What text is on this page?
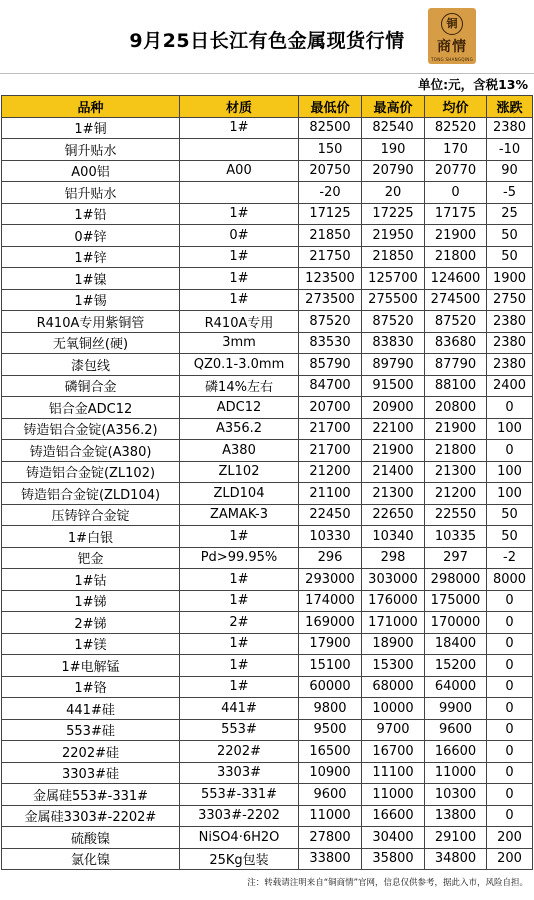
9月25日长江有色金属现货行情
铜
商情
TONG SHANGQING
单位:元，含税13%
品种	材质	最低价	最高价	均价	涨跌
1#铜	1#	82500	82540	82520	2380
铜升贴水		150	190	170	-10
A00铝	A00	20750	20790	20770	90
铝升贴水		-20	20	0	-5
1#铅	1#	17125	17225	17175	25
0#锌	0#	21850	21950	21900	50
1#锌	1#	21750	21850	21800	50
1#镍	1#	123500	125700	124600	1900
1#锡	1#	273500	275500	274500	2750
R410A专用紫铜管	R410A专用	87520	87520	87520	2380
无氧铜丝(硬)	3mm	83530	83830	83680	2380
漆包线	QZ0.1-3.0mm	85790	89790	87790	2380
磷铜合金	磷14%左右	84700	91500	88100	2400
铝合金ADC12	ADC12	20700	20900	20800	0
铸造铝合金锭(A356.2)	A356.2	21700	22100	21900	100
铸造铝合金锭(A380)	A380	21700	21900	21800	0
铸造铝合金锭(ZL102)	ZL102	21200	21400	21300	100
铸造铝合金锭(ZLD104)	ZLD104	21100	21300	21200	100
压铸锌合金锭	ZAMAK-3	22450	22650	22550	50
1#白银	1#	10330	10340	10335	50
钯金	Pd>99.95%	296	298	297	-2
1#钴	1#	293000	303000	298000	8000
1#锑	1#	174000	176000	175000	0
2#锑	2#	169000	171000	170000	0
1#镁	1#	17900	18900	18400	0
1#电解锰	1#	15100	15300	15200	0
1#铬	1#	60000	68000	64000	0
441#硅	441#	9800	10000	9900	0
553#硅	553#	9500	9700	9600	0
2202#硅	2202#	16500	16700	16600	0
3303#硅	3303#	10900	11100	11000	0
金属硅553#-331#	553#-331#	9600	11000	10300	0
金属硅3303#-2202#	3303#-2202	11000	16600	13800	0
硫酸镍	NiSO4·6H2O	27800	30400	29100	200
氯化镍	25Kg包装	33800	35800	34800	200
注：转载请注明来自“铜商情”官网，信息仅供参考，据此入市，风险自担。
